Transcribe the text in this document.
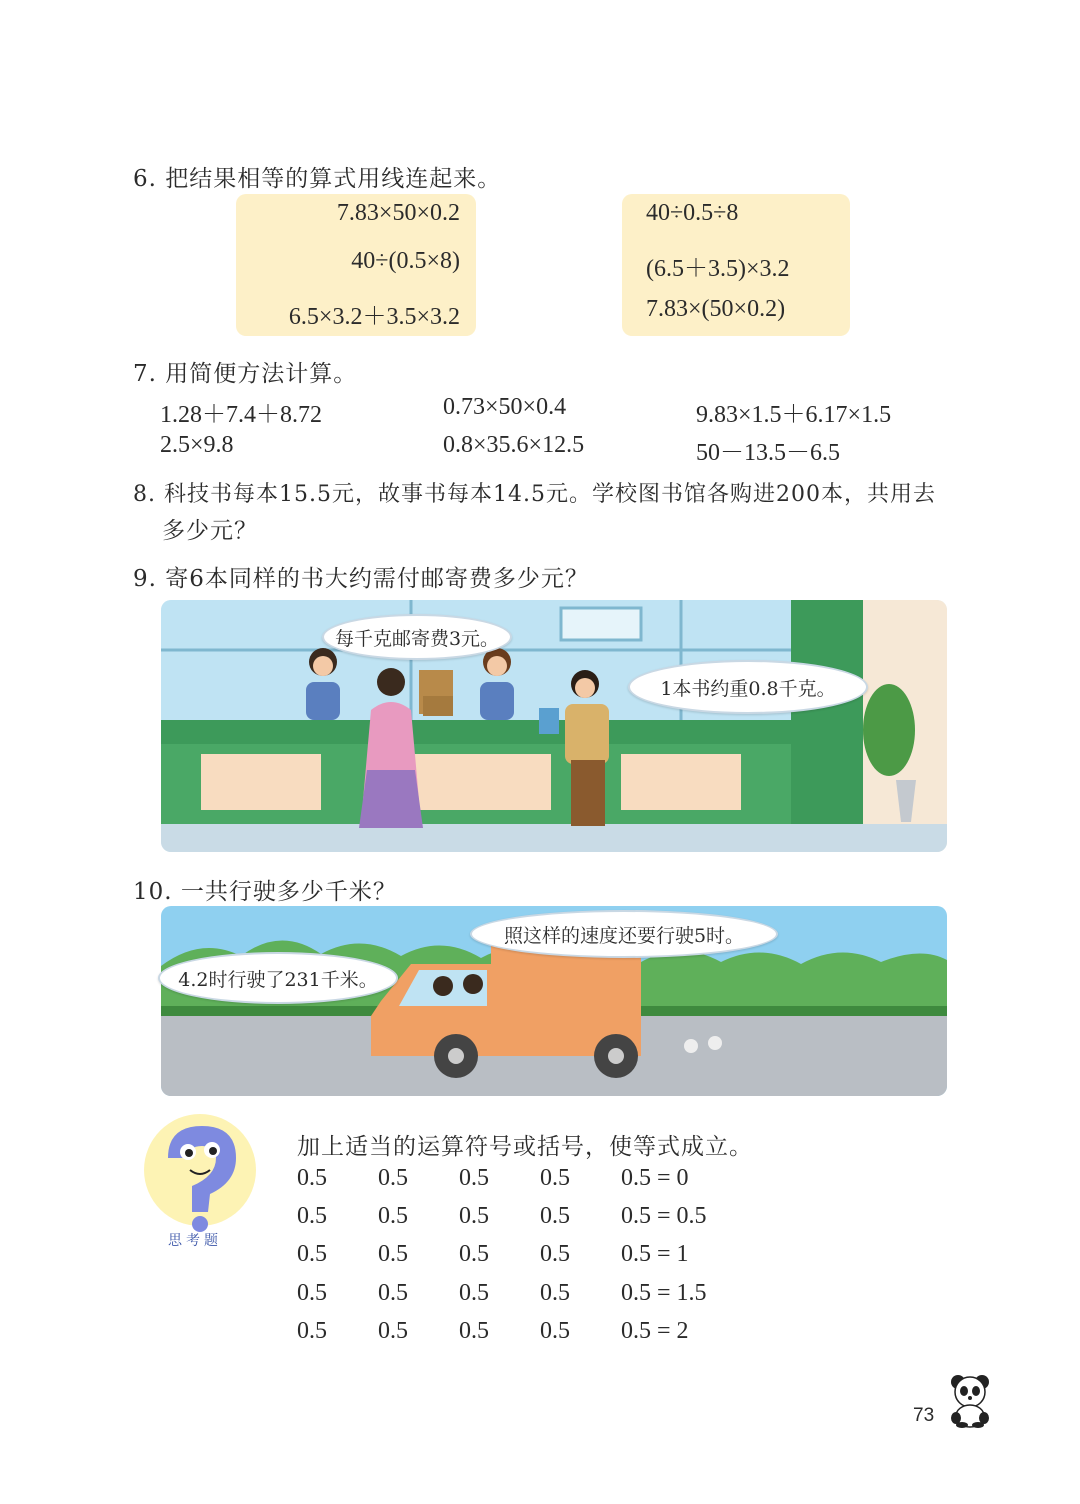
6. 把结果相等的算式用线连起来。
7.83×50×0.2
40÷(0.5×8)
6.5×3.2＋3.5×3.2
40÷0.5÷8
(6.5＋3.5)×3.2
7.83×(50×0.2)
7. 用简便方法计算。
1.28＋7.4＋8.72	0.73×50×0.4	9.83×1.5＋6.17×1.5
2.5×9.8	0.8×35.6×12.5	50－13.5－6.5
8. 科技书每本15.5元，故事书每本14.5元。学校图书馆各购进200本，共用去
多少元？
9. 寄6本同样的书大约需付邮寄费多少元？
每千克邮寄费3元。
1本书约重0.8千克。
10. 一共行驶多少千米？
照这样的速度还要行驶5时。
4.2时行驶了231千米。
思考题
加上适当的运算符号或括号，使等式成立。
0.5 0.5 0.5 0.5 0.5 = 0
0.5 0.5 0.5 0.5 0.5 = 0.5
0.5 0.5 0.5 0.5 0.5 = 1
0.5 0.5 0.5 0.5 0.5 = 1.5
0.5 0.5 0.5 0.5 0.5 = 2
73
